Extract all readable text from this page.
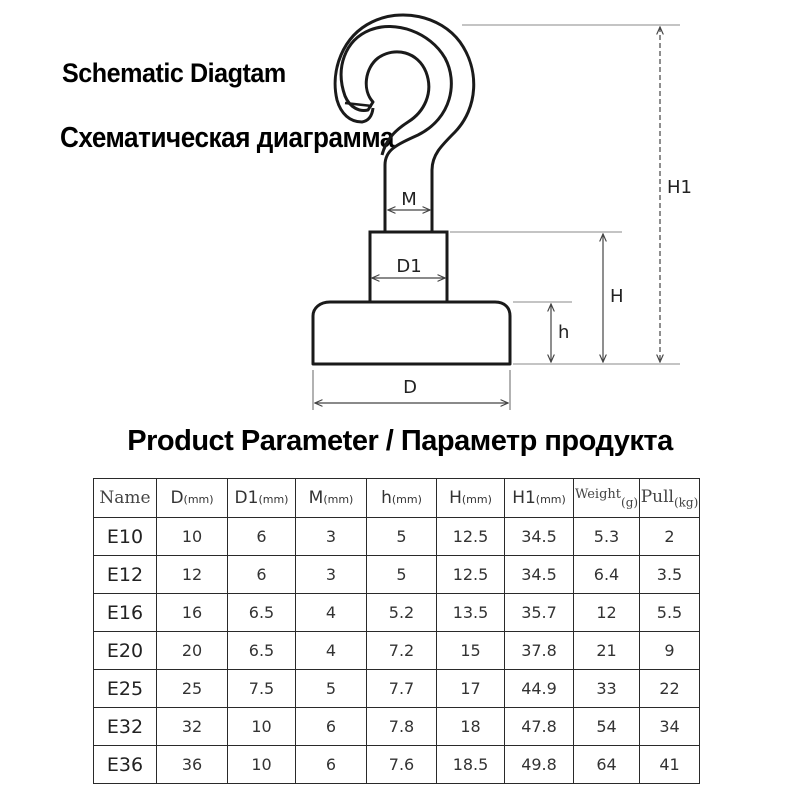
Schematic Diagtam
Схематическая диаграмма
M
D1
D
h
H
H1
Product Parameter / Параметр продукта
Name	D(mm)	D1(mm)	M(mm)	h(mm)	H(mm)	H1(mm)	$^{Weight}_{(g)}$	Pull$_{(kg)}$
E10	10	6	3	5	12.5	34.5	5.3	2
E12	12	6	3	5	12.5	34.5	6.4	3.5
E16	16	6.5	4	5.2	13.5	35.7	12	5.5
E20	20	6.5	4	7.2	15	37.8	21	9
E25	25	7.5	5	7.7	17	44.9	33	22
E32	32	10	6	7.8	18	47.8	54	34
E36	36	10	6	7.6	18.5	49.8	64	41
